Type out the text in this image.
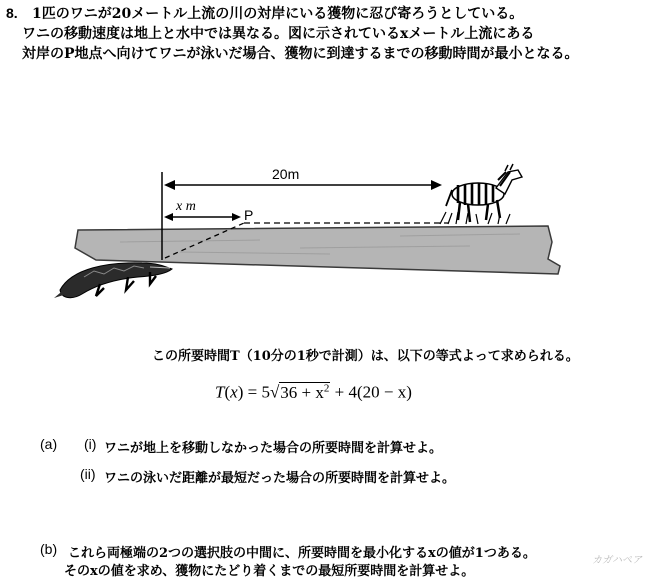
8. 1匹のワニが20メートル上流の川の対岸にいる獲物に忍び寄ろうとしている。
ワニの移動速度は地上と水中では異なる。図に示されているxメートル上流にある
対岸のP地点へ向けてワニが泳いだ場合、獲物に到達するまでの移動時間が最小となる。
20m
x m
P
この所要時間T（10分の1秒で計測）は、以下の等式よって求められる。
$T(x) = 5√36 + x^2 + 4(20 - x)$
(a) (i) ワニが地上を移動しなかった場合の所要時間を計算せよ。
(ii) ワニの泳いだ距離が最短だった場合の所要時間を計算せよ。
(b) これら両極端の2つの選択肢の中間に、所要時間を最小化するxの値が1つある。
そのxの値を求め、獲物にたどり着くまでの最短所要時間を計算せよ。
カガハペア
